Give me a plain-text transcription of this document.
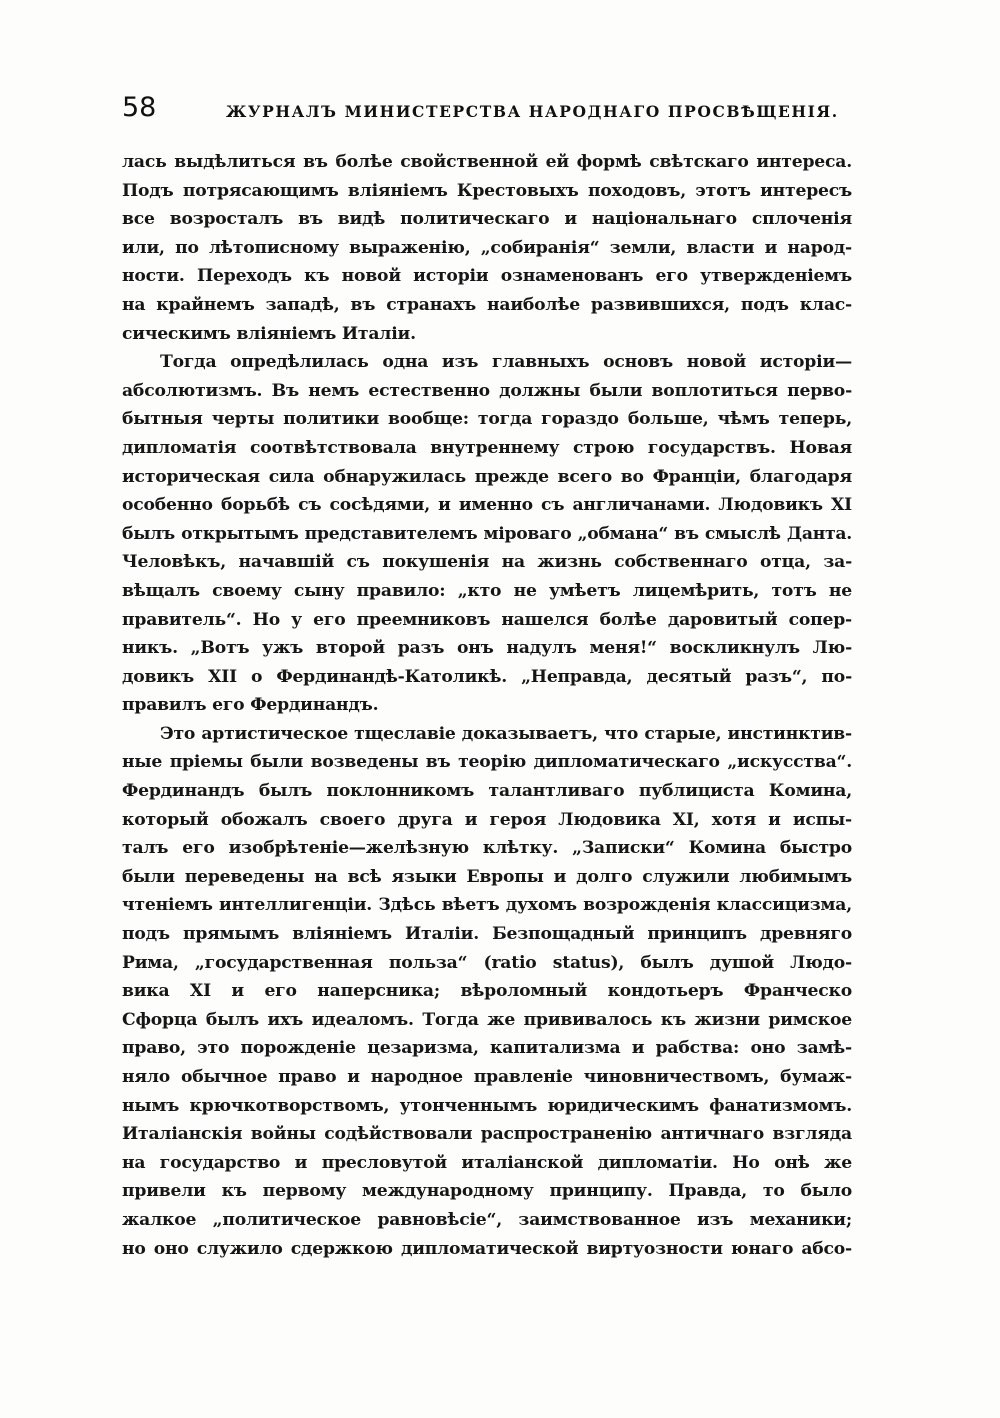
58	ЖУРНАЛЪ МИНИСТЕРСТВА НАРОДНАГО ПРОСВѢЩЕНІЯ.
лась выдѣлиться въ болѣе свойственной ей формѣ свѣтскаго интереса.
Подъ потрясающимъ вліяніемъ Крестовыхъ походовъ, этотъ интересъ
все возросталъ въ видѣ политическаго и національнаго сплоченія
или, по лѣтописному выраженію, „собиранія“ земли, власти и народ-
ности. Переходъ къ новой исторіи ознаменованъ его утвержденіемъ
на крайнемъ западѣ, въ странахъ наиболѣе развившихся, подъ клас-
сическимъ вліяніемъ Италіи.
Тогда опредѣлилась одна изъ главныхъ основъ новой исторіи—
абсолютизмъ. Въ немъ естественно должны были воплотиться перво-
бытныя черты политики вообще: тогда гораздо больше, чѣмъ теперь,
дипломатія соотвѣтствовала внутреннему строю государствъ. Новая
историческая сила обнаружилась прежде всего во Франціи, благодаря
особенно борьбѣ съ сосѣдями, и именно съ англичанами. Людовикъ XI
былъ открытымъ представителемъ міроваго „обмана“ въ смыслѣ Данта.
Человѣкъ, начавшій съ покушенія на жизнь собственнаго отца, за-
вѣщалъ своему сыну правило: „кто не умѣетъ лицемѣрить, тотъ не
правитель“. Но у его преемниковъ нашелся болѣе даровитый сопер-
никъ. „Вотъ ужъ второй разъ онъ надулъ меня!“ воскликнулъ Лю-
довикъ XII о Фердинандѣ-Католикѣ. „Неправда, десятый разъ“, по-
правилъ его Фердинандъ.
Это артистическое тщеславіе доказываетъ, что старые, инстинктив-
ные пріемы были возведены въ теорію дипломатическаго „искусства“.
Фердинандъ былъ поклонникомъ талантливаго публициста Комина,
который обожалъ своего друга и героя Людовика XI, хотя и испы-
талъ его изобрѣтеніе—желѣзную клѣтку. „Записки“ Комина быстро
были переведены на всѣ языки Европы и долго служили любимымъ
чтеніемъ интеллигенціи. Здѣсь вѣетъ духомъ возрожденія классицизма,
подъ прямымъ вліяніемъ Италіи. Безпощадный принципъ древняго
Рима, „государственная польза“ (ratio status), былъ душой Людо-
вика XI и его наперсника; вѣроломный кондотьеръ Франческо
Сфорца былъ ихъ идеаломъ. Тогда же прививалось къ жизни римское
право, это порожденіе цезаризма, капитализма и рабства: оно замѣ-
няло обычное право и народное правленіе чиновничествомъ, бумаж-
нымъ крючкотворствомъ, утонченнымъ юридическимъ фанатизмомъ.
Италіанскія войны содѣйствовали распространенію античнаго взгляда
на государство и пресловутой италіанской дипломатіи. Но онѣ же
привели къ первому международному принципу. Правда, то было
жалкое „политическое равновѣсіе“, заимствованное изъ механики;
но оно служило сдержкою дипломатической виртуозности юнаго абсо-
